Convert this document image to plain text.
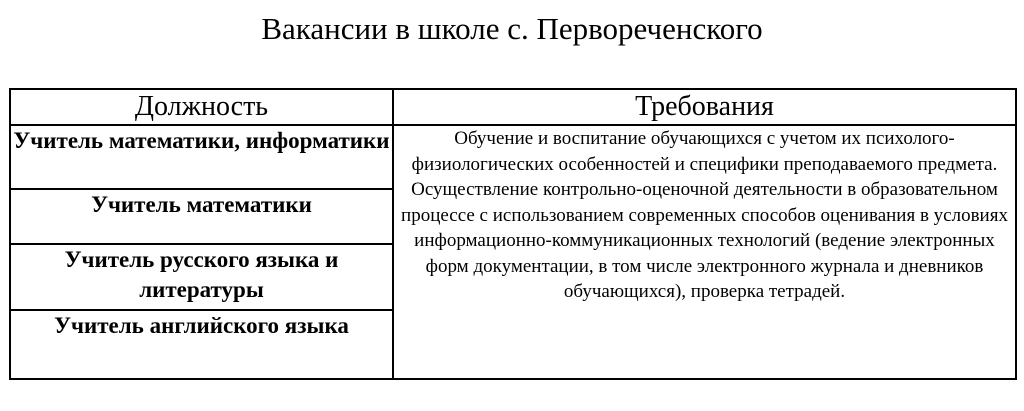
Вакансии в школе с. Первореченского
Должность	Требования
Учитель математики, информатики	Обучение и воспитание обучающихся с учетом их психолого-физиологических особенностей и специфики преподаваемого предмета. Осуществление контрольно-оценочной деятельности в образовательном процессе с использованием современных способов оценивания в условиях информационно-коммуникационных технологий (ведение электронных форм документации, в том числе электронного журнала и дневников обучающихся), проверка тетрадей.
Учитель математики	
Учитель русского языка и литературы	
Учитель английского языка	
